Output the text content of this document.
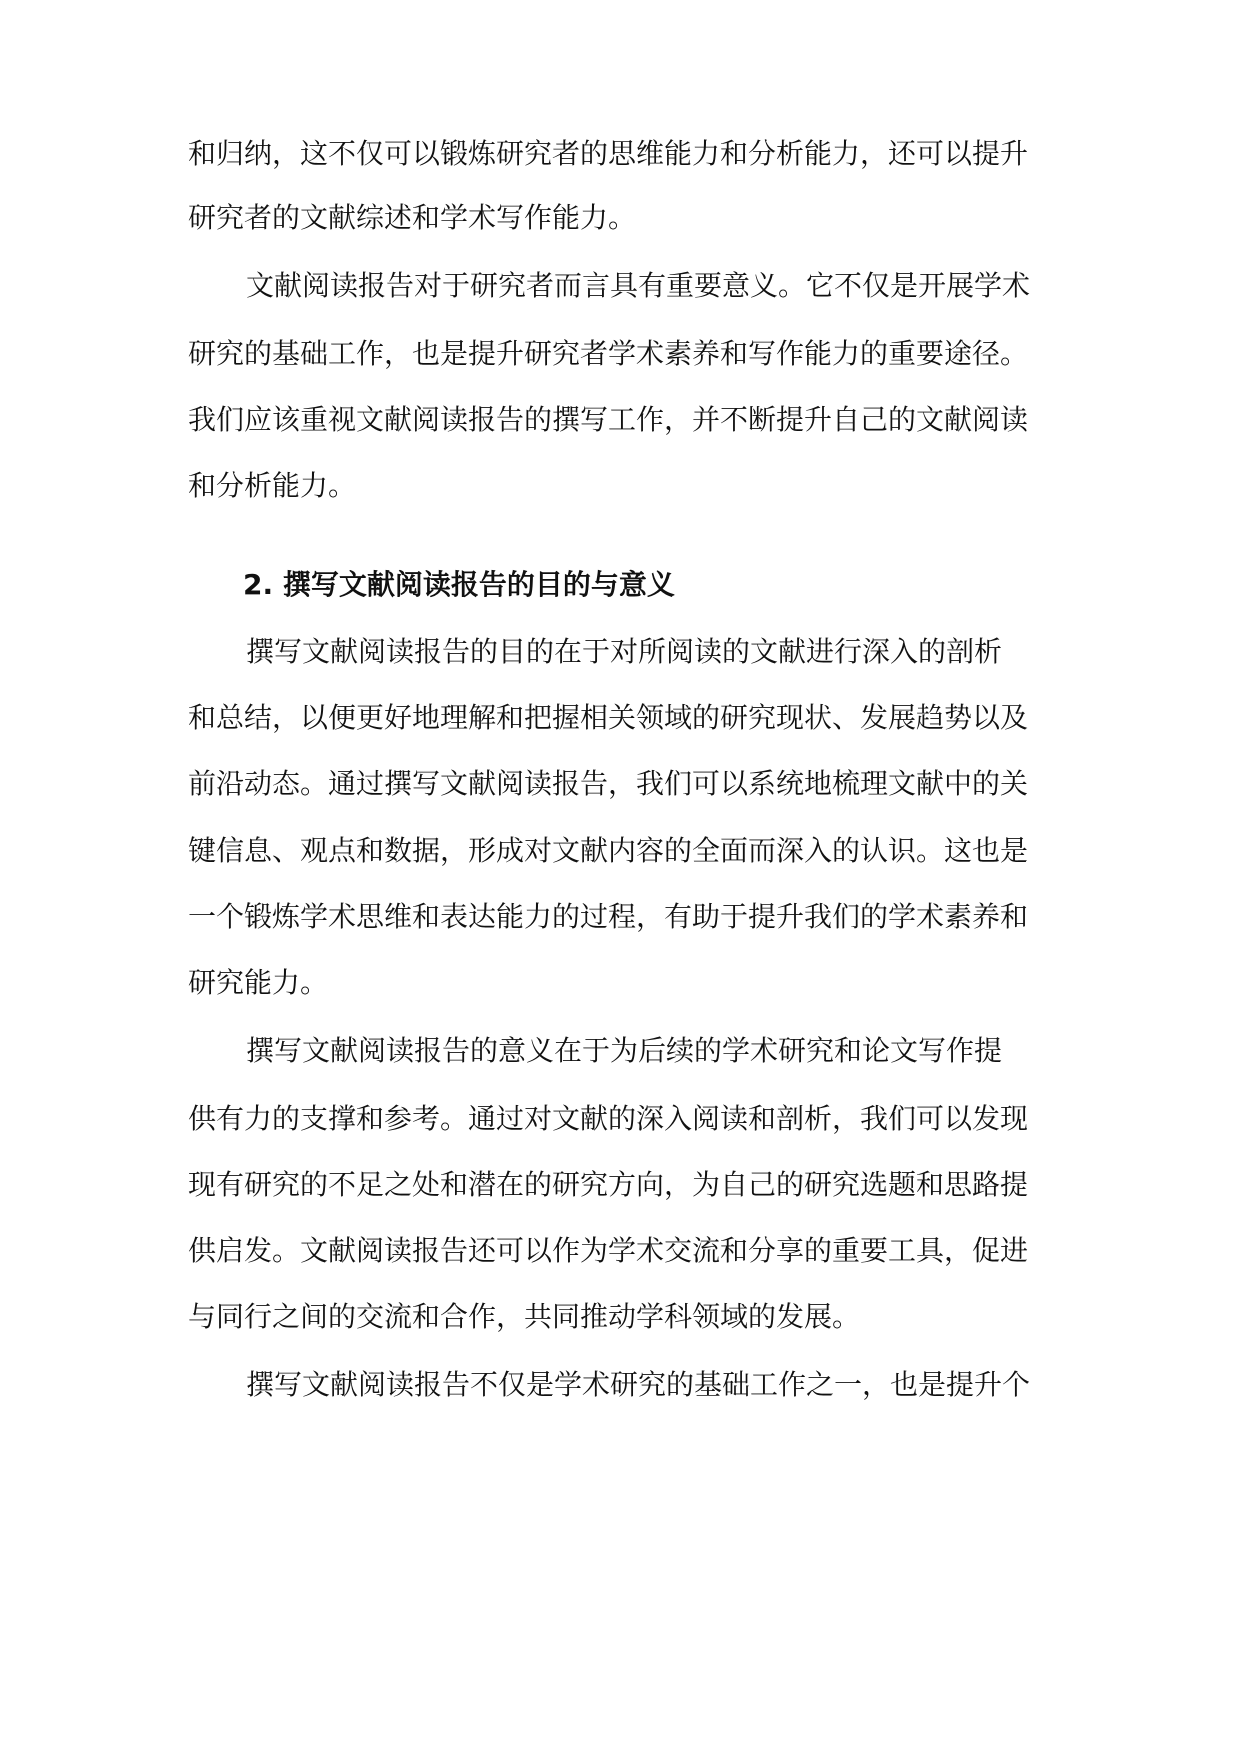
和归纳，这不仅可以锻炼研究者的思维能力和分析能力，还可以提升
研究者的文献综述和学术写作能力。
文献阅读报告对于研究者而言具有重要意义。它不仅是开展学术
研究的基础工作，也是提升研究者学术素养和写作能力的重要途径。
我们应该重视文献阅读报告的撰写工作，并不断提升自己的文献阅读
和分析能力。
2. 撰写文献阅读报告的目的与意义
撰写文献阅读报告的目的在于对所阅读的文献进行深入的剖析
和总结，以便更好地理解和把握相关领域的研究现状、发展趋势以及
前沿动态。通过撰写文献阅读报告，我们可以系统地梳理文献中的关
键信息、观点和数据，形成对文献内容的全面而深入的认识。这也是
一个锻炼学术思维和表达能力的过程，有助于提升我们的学术素养和
研究能力。
撰写文献阅读报告的意义在于为后续的学术研究和论文写作提
供有力的支撑和参考。通过对文献的深入阅读和剖析，我们可以发现
现有研究的不足之处和潜在的研究方向，为自己的研究选题和思路提
供启发。文献阅读报告还可以作为学术交流和分享的重要工具，促进
与同行之间的交流和合作，共同推动学科领域的发展。
撰写文献阅读报告不仅是学术研究的基础工作之一，也是提升个
